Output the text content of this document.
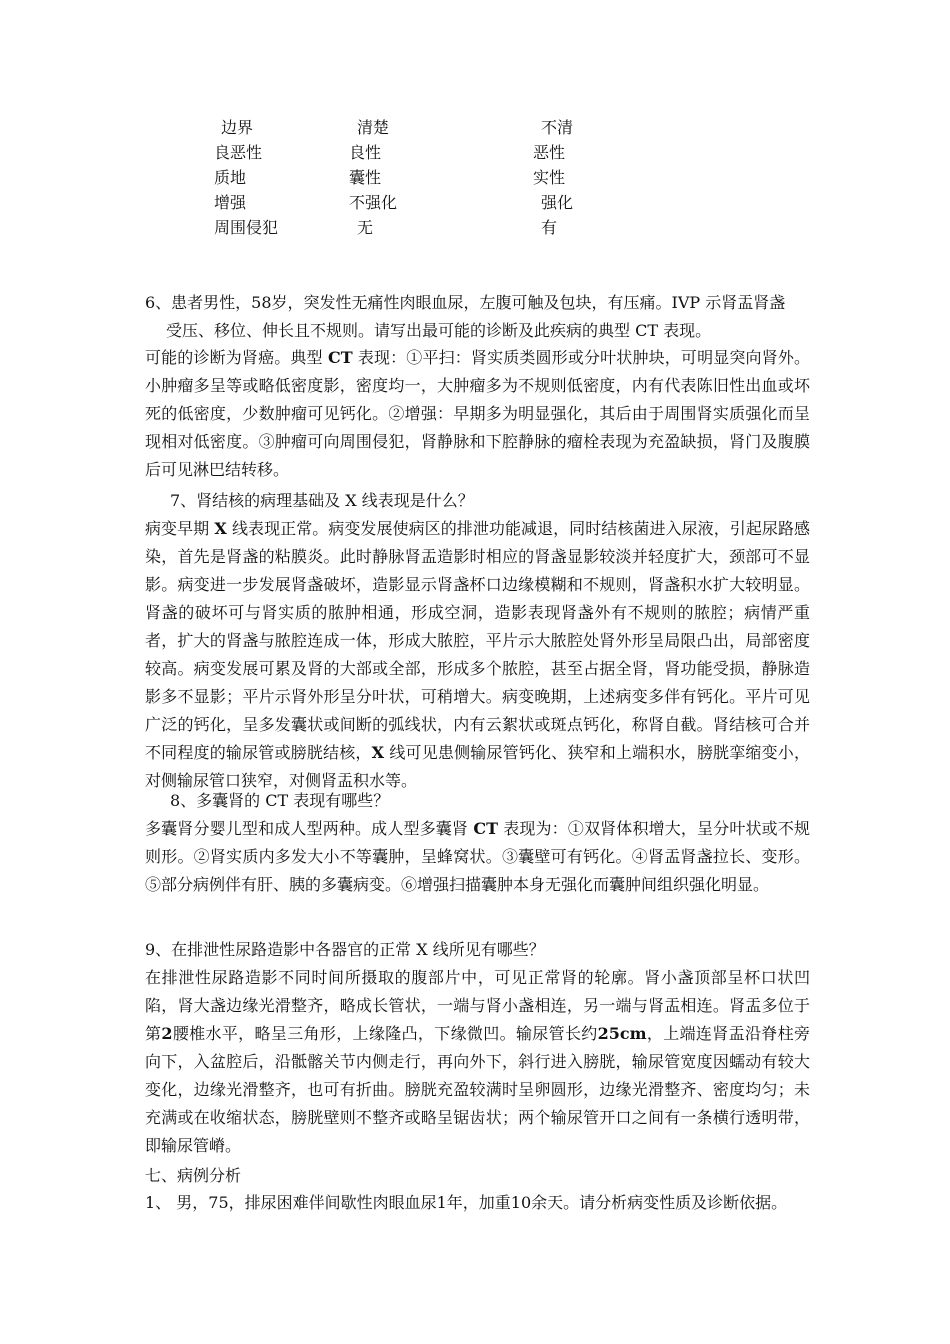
边界	清楚	不清
良恶性	良性	恶性
质地	囊性	实性
增强	不强化	强化
周围侵犯	无	有

6、患者男性，58岁，突发性无痛性肉眼血尿，左腹可触及包块，有压痛。IVP 示肾盂肾盏

受压、移位、伸长且不规则。请写出最可能的诊断及此疾病的典型 CT 表现。

可能的诊断为肾癌。典型 CT 表现：①平扫：肾实质类圆形或分叶状肿块，可明显突向肾外。小肿瘤多呈等或略低密度影，密度均一，大肿瘤多为不规则低密度，内有代表陈旧性出血或坏死的低密度，少数肿瘤可见钙化。②增强：早期多为明显强化，其后由于周围肾实质强化而呈现相对低密度。③肿瘤可向周围侵犯，肾静脉和下腔静脉的瘤栓表现为充盈缺损，肾门及腹膜后可见淋巴结转移。

7、肾结核的病理基础及 X 线表现是什么？

病变早期 X 线表现正常。病变发展使病区的排泄功能减退，同时结核菌进入尿液，引起尿路感染，首先是肾盏的粘膜炎。此时静脉肾盂造影时相应的肾盏显影较淡并轻度扩大，颈部可不显影。病变进一步发展肾盏破坏，造影显示肾盏杯口边缘模糊和不规则，肾盏积水扩大较明显。肾盏的破坏可与肾实质的脓肿相通，形成空洞，造影表现肾盏外有不规则的脓腔；病情严重者，扩大的肾盏与脓腔连成一体，形成大脓腔，平片示大脓腔处肾外形呈局限凸出，局部密度较高。病变发展可累及肾的大部或全部，形成多个脓腔，甚至占据全肾，肾功能受损，静脉造影多不显影；平片示肾外形呈分叶状，可稍增大。病变晚期，上述病变多伴有钙化。平片可见广泛的钙化，呈多发囊状或间断的弧线状，内有云絮状或斑点钙化，称肾自截。肾结核可合并不同程度的输尿管或膀胱结核，X 线可见患侧输尿管钙化、狭窄和上端积水，膀胱挛缩变小，对侧输尿管口狭窄，对侧肾盂积水等。

8、多囊肾的 CT 表现有哪些？

多囊肾分婴儿型和成人型两种。成人型多囊肾 CT 表现为：①双肾体积增大，呈分叶状或不规则形。②肾实质内多发大小不等囊肿，呈蜂窝状。③囊壁可有钙化。④肾盂肾盏拉长、变形。⑤部分病例伴有肝、胰的多囊病变。⑥增强扫描囊肿本身无强化而囊肿间组织强化明显。

9、在排泄性尿路造影中各器官的正常 X 线所见有哪些？

在排泄性尿路造影不同时间所摄取的腹部片中，可见正常肾的轮廓。肾小盏顶部呈杯口状凹陷，肾大盏边缘光滑整齐，略成长管状，一端与肾小盏相连，另一端与肾盂相连。肾盂多位于第2腰椎水平，略呈三角形，上缘隆凸，下缘微凹。输尿管长约25cm，上端连肾盂沿脊柱旁向下，入盆腔后，沿骶髂关节内侧走行，再向外下，斜行进入膀胱，输尿管宽度因蠕动有较大变化，边缘光滑整齐，也可有折曲。膀胱充盈较满时呈卵圆形，边缘光滑整齐、密度均匀；未充满或在收缩状态，膀胱壁则不整齐或略呈锯齿状；两个输尿管开口之间有一条横行透明带，即输尿管嵴。

七、病例分析

1、 男，75，排尿困难伴间歇性肉眼血尿1年，加重10余天。请分析病变性质及诊断依据。
